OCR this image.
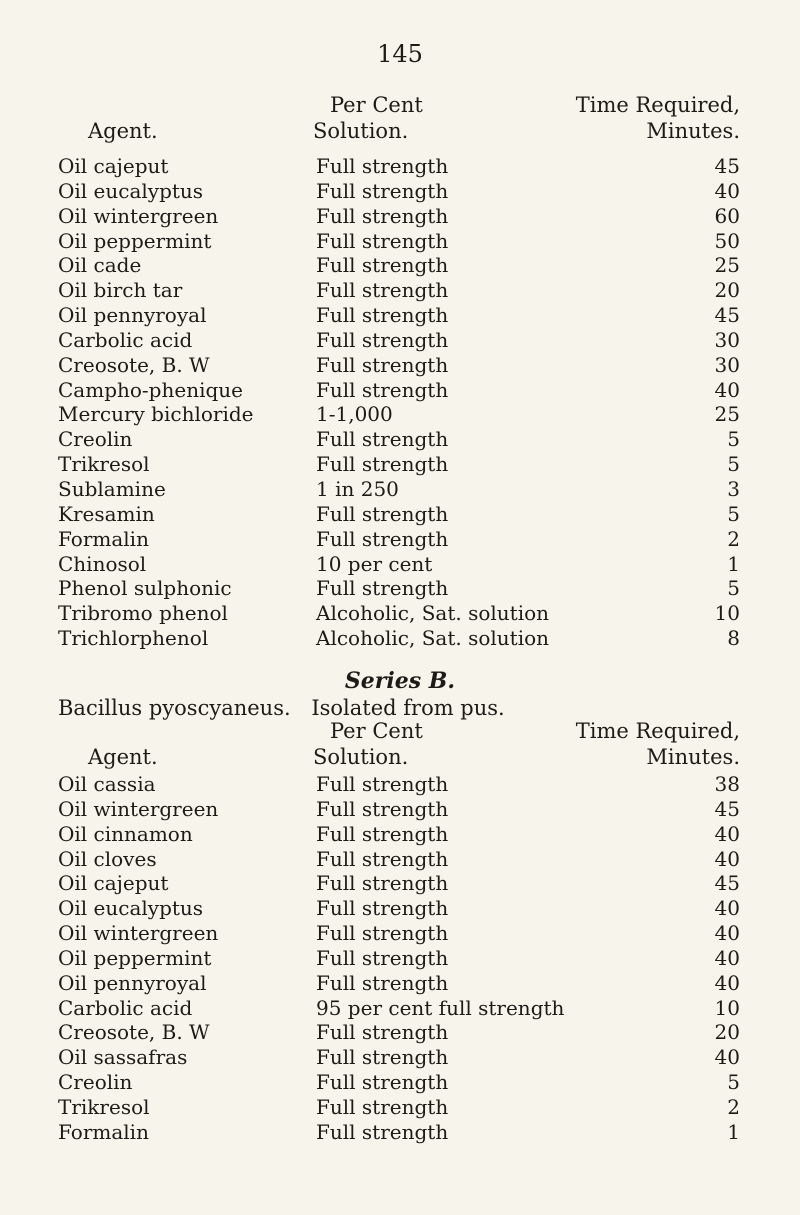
145
Agent.
Per Cent
Solution.
Time Required,
Minutes.
Oil cajeput	Full strength	45
Oil eucalyptus	Full strength	40
Oil wintergreen	Full strength	60
Oil peppermint	Full strength	50
Oil cade	Full strength	25
Oil birch tar	Full strength	20
Oil pennyroyal	Full strength	45
Carbolic acid	Full strength	30
Creosote, B. W	Full strength	30
Campho-phenique	Full strength	40
Mercury bichloride	1-1,000	25
Creolin	Full strength	5
Trikresol	Full strength	5
Sublamine	1 in 250	3
Kresamin	Full strength	5
Formalin	Full strength	2
Chinosol	10 per cent	1
Phenol sulphonic	Full strength	5
Tribromo phenol	Alcoholic, Sat. solution	10
Trichlorphenol	Alcoholic, Sat. solution	8
Series B.
Bacillus pyoscyaneus. Isolated from pus.
Per Cent
Agent.	Solution.
Time Required,
Minutes.
Oil cassia	Full strength	38
Oil wintergreen	Full strength	45
Oil cinnamon	Full strength	40
Oil cloves	Full strength	40
Oil cajeput	Full strength	45
Oil eucalyptus	Full strength	40
Oil wintergreen	Full strength	40
Oil peppermint	Full strength	40
Oil pennyroyal	Full strength	40
Carbolic acid	95 per cent full strength	10
Creosote, B. W	Full strength	20
Oil sassafras	Full strength	40
Creolin	Full strength	5
Trikresol	Full strength	2
Formalin	Full strength	1
